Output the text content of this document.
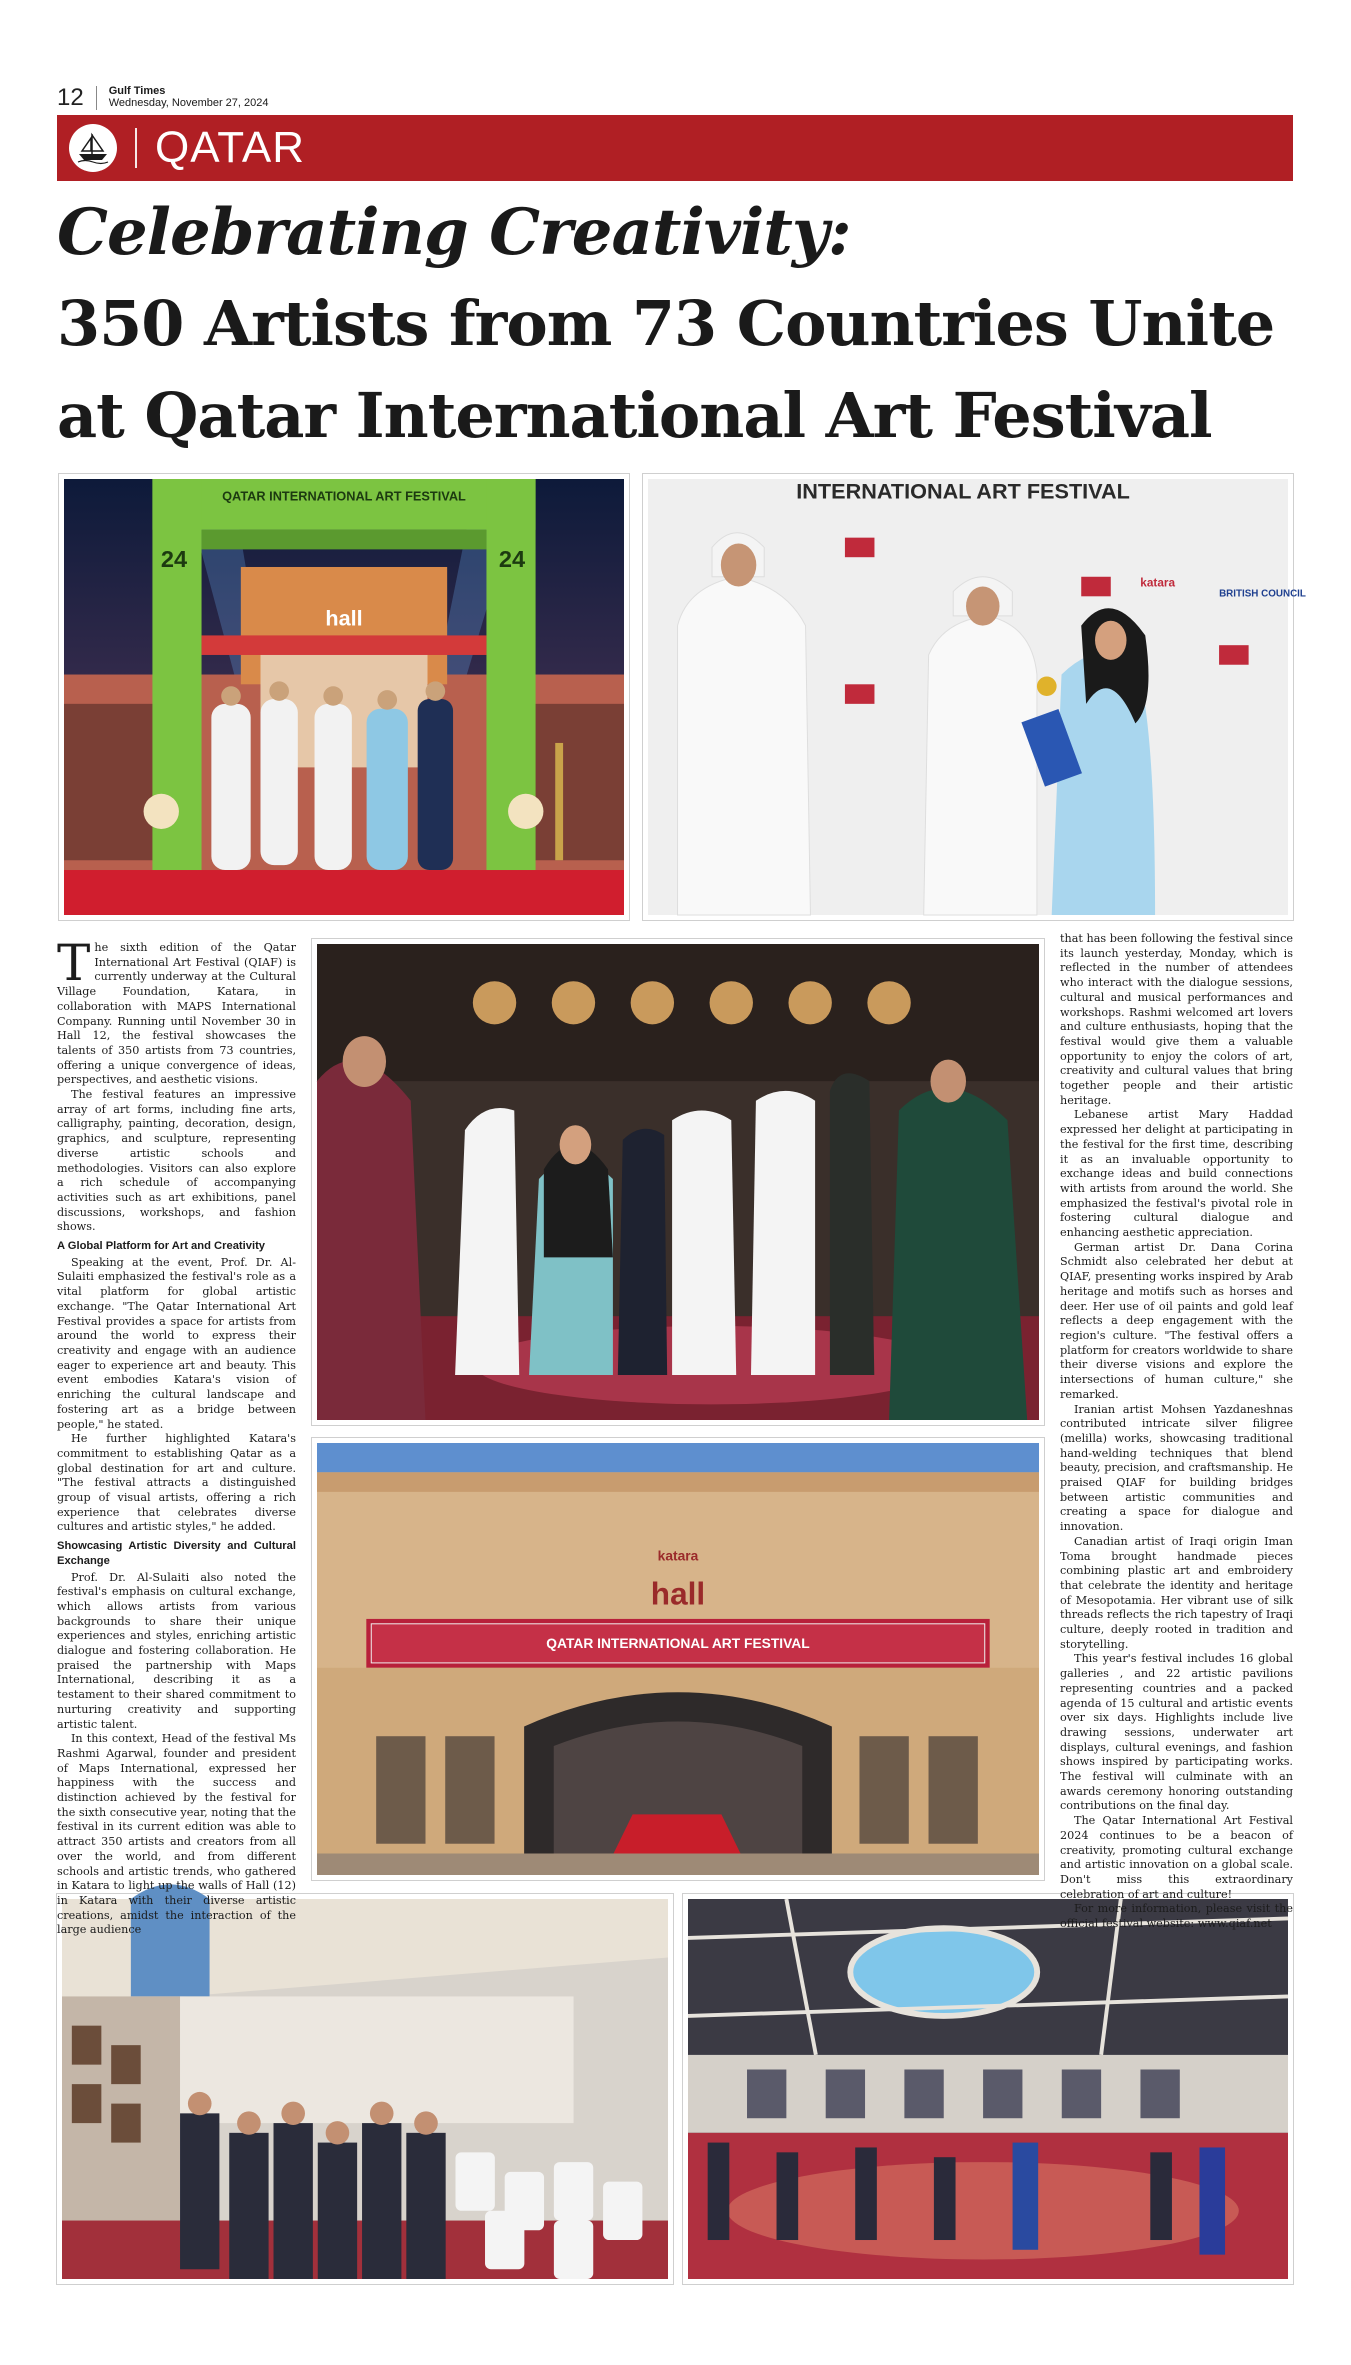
12 Gulf Times
Wednesday, November 27, 2024
QATAR
Celebrating Creativity:
350 Artists from 73 Countries Unite
at Qatar International Art Festival
QATAR INTERNATIONAL ART FESTIVAL
24	24
hall
INTERNATIONAL ART FESTIVAL
BRITISH COUNCIL
katara
katara
hall
QATAR INTERNATIONAL ART FESTIVAL

The sixth edition of the Qatar International Art Festival (QIAF) is currently underway at the Cultural Village Foundation, Katara, in collaboration with MAPS International Company. Running until November 30 in Hall 12, the festival showcases the talents of 350 artists from 73 countries, offering a unique convergence of ideas, perspectives, and aesthetic visions.

The festival features an impressive array of art forms, including fine arts, calligraphy, painting, decoration, design, graphics, and sculpture, representing diverse artistic schools and methodologies. Visitors can also explore a rich schedule of accompanying activities such as art exhibitions, panel discussions, workshops, and fashion shows.

A Global Platform for Art and Creativity

Speaking at the event, Prof. Dr. Al-Sulaiti emphasized the festival's role as a vital platform for global artistic exchange. "The Qatar International Art Festival provides a space for artists from around the world to express their creativity and engage with an audience eager to experience art and beauty. This event embodies Katara's vision of enriching the cultural landscape and fostering art as a bridge between people," he stated.

He further highlighted Katara's commitment to establishing Qatar as a global destination for art and culture. "The festival attracts a distinguished group of visual artists, offering a rich experience that celebrates diverse cultures and artistic styles," he added.

Showcasing Artistic Diversity and Cultural Exchange

Prof. Dr. Al-Sulaiti also noted the festival's emphasis on cultural exchange, which allows artists from various backgrounds to share their unique experiences and styles, enriching artistic dialogue and fostering collaboration. He praised the partnership with Maps International, describing it as a testament to their shared commitment to nurturing creativity and supporting artistic talent.

In this context, Head of the festival Ms Rashmi Agarwal, founder and president of Maps International, expressed her happiness with the success and distinction achieved by the festival for the sixth consecutive year, noting that the festival in its current edition was able to attract 350 artists and creators from all over the world, and from different schools and artistic trends, who gathered in Katara to light up the walls of Hall (12) in Katara with their diverse artistic creations, amidst the interaction of the large audience

that has been following the festival since its launch yesterday, Monday, which is reflected in the number of attendees who interact with the dialogue sessions, cultural and musical performances and workshops. Rashmi welcomed art lovers and culture enthusiasts, hoping that the festival would give them a valuable opportunity to enjoy the colors of art, creativity and cultural values that bring together people and their artistic heritage.

Lebanese artist Mary Haddad expressed her delight at participating in the festival for the first time, describing it as an invaluable opportunity to exchange ideas and build connections with artists from around the world. She emphasized the festival's pivotal role in fostering cultural dialogue and enhancing aesthetic appreciation.

German artist Dr. Dana Corina Schmidt also celebrated her debut at QIAF, presenting works inspired by Arab heritage and motifs such as horses and deer. Her use of oil paints and gold leaf reflects a deep engagement with the region's culture. "The festival offers a platform for creators worldwide to share their diverse visions and explore the intersections of human culture," she remarked.

Iranian artist Mohsen Yazdaneshnas contributed intricate silver filigree (melilla) works, showcasing traditional hand-welding techniques that blend beauty, precision, and craftsmanship. He praised QIAF for building bridges between artistic communities and creating a space for dialogue and innovation.

Canadian artist of Iraqi origin Iman Toma brought handmade pieces combining plastic art and embroidery that celebrate the identity and heritage of Mesopotamia. Her vibrant use of silk threads reflects the rich tapestry of Iraqi culture, deeply rooted in tradition and storytelling.

This year's festival includes 16 global galleries , and 22 artistic pavilions representing countries and a packed agenda of 15 cultural and artistic events over six days. Highlights include live drawing sessions, underwater art displays, cultural evenings, and fashion shows inspired by participating works. The festival will culminate with an awards ceremony honoring outstanding contributions on the final day.

The Qatar International Art Festival 2024 continues to be a beacon of creativity, promoting cultural exchange and artistic innovation on a global scale. Don't miss this extraordinary celebration of art and culture!

For more information, please visit the official festival website: www.qiaf.net
